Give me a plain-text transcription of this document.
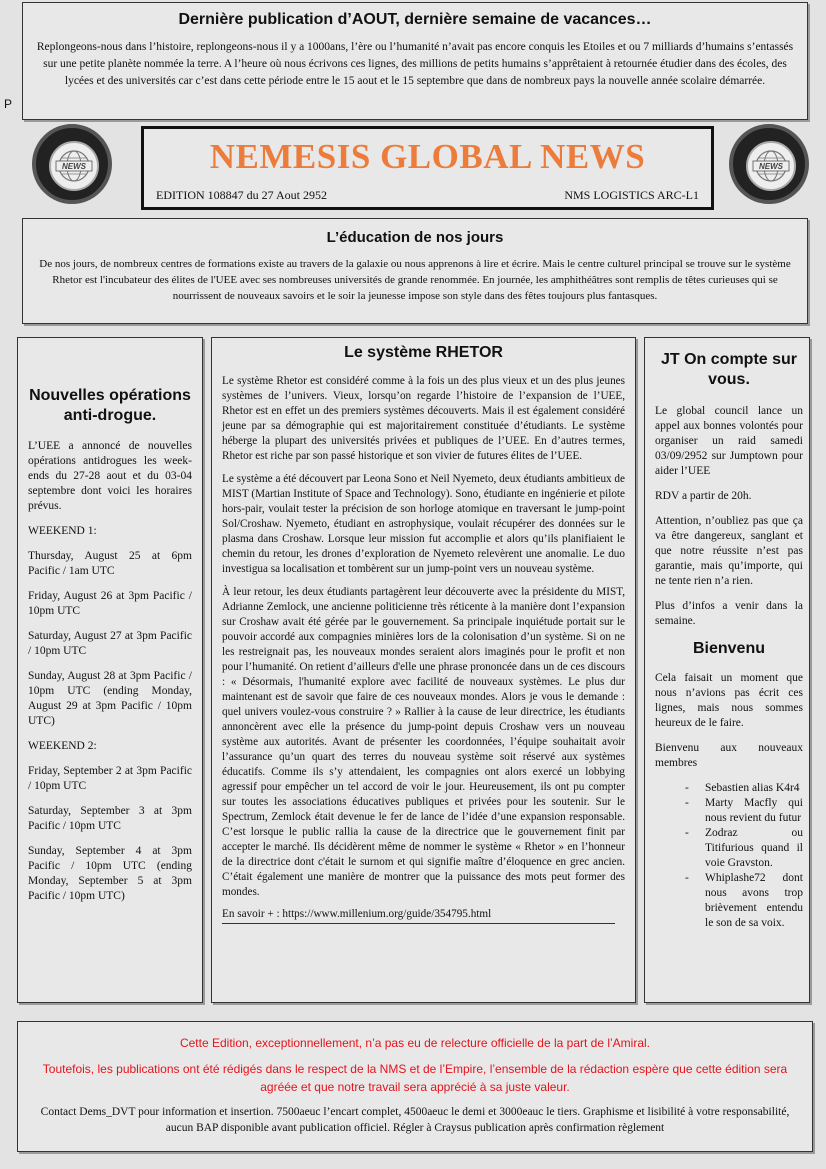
Dernière publication d’AOUT, dernière semaine de vacances…

Replongeons-nous dans l’histoire, replongeons-nous il y a 1000ans, l’ère ou l’humanité n’avait pas encore conquis les Etoiles et ou 7 milliards d’humains s’entassés sur une petite planète nommée la terre. A l’heure où nous écrivons ces lignes, des millions de petits humains s’apprêtaient à retournée étudier dans des écoles, des lycées et des universités car c’est dans cette période entre le 15 aout et le 15 septembre que dans de nombreux pays la nouvelle année scolaire démarrée.

P
NEWS	NEWS
NEMESIS GLOBAL NEWS
EDITION 108847 du 27 Aout 2952	NMS LOGISTICS ARC-L1

L’éducation de nos jours

De nos jours, de nombreux centres de formations existe au travers de la galaxie ou nous apprenons à lire et écrire. Mais le centre culturel principal se trouve sur le système Rhetor est l'incubateur des élites de l'UEE avec ses nombreuses universités de grande renommée. En journée, les amphithéâtres sont remplis de têtes curieuses qui se nourrissent de nouveaux savoirs et le soir la jeunesse impose son style dans des fêtes toujours plus fantasques.

Nouvelles opérations anti-drogue.

L’UEE a annoncé de nouvelles opérations antidrogues les week-ends du 27-28 aout et du 03-04 septembre dont voici les horaires prévus.

WEEKEND 1:

Thursday, August 25 at 6pm Pacific / 1am UTC

Friday, August 26 at 3pm Pacific / 10pm UTC

Saturday, August 27 at 3pm Pacific / 10pm UTC

Sunday, August 28 at 3pm Pacific / 10pm UTC (ending Monday, August 29 at 3pm Pacific / 10pm UTC)

WEEKEND 2:

Friday, September 2 at 3pm Pacific / 10pm UTC

Saturday, September 3 at 3pm Pacific / 10pm UTC

Sunday, September 4 at 3pm Pacific / 10pm UTC (ending Monday, September 5 at 3pm Pacific / 10pm UTC)

Le système RHETOR

Le système Rhetor est considéré comme à la fois un des plus vieux et un des plus jeunes systèmes de l’univers. Vieux, lorsqu’on regarde l’histoire de l’expansion de l’UEE, Rhetor est en effet un des premiers systèmes découverts. Mais il est également considéré jeune par sa démographie qui est majoritairement constituée d’étudiants. Le système héberge la plupart des universités privées et publiques de l’UEE. En d’autres termes, Rhetor est riche par son passé historique et son vivier de futures élites de l’UEE.

Le système a été découvert par Leona Sono et Neil Nyemeto, deux étudiants ambitieux de MIST (Martian Institute of Space and Technology). Sono, étudiante en ingénierie et pilote hors-pair, voulait tester la précision de son horloge atomique en traversant le jump-point Sol/Croshaw. Nyemeto, étudiant en astrophysique, voulait récupérer des données sur le plasma dans Croshaw. Lorsque leur mission fut accomplie et alors qu’ils planifiaient le chemin du retour, les drones d’exploration de Nyemeto relevèrent une anomalie. Le duo investigua sa localisation et tombèrent sur un jump-point vers un nouveau système.

À leur retour, les deux étudiants partagèrent leur découverte avec la présidente du MIST, Adrianne Zemlock, une ancienne politicienne très réticente à la manière dont l’expansion sur Croshaw avait été gérée par le gouvernement. Sa principale inquiétude portait sur le pouvoir accordé aux compagnies minières lors de la colonisation d’un système. Si on ne les restreignait pas, les nouveaux mondes seraient alors imaginés pour le profit et non pour l’humanité. On retient d’ailleurs d'elle une phrase prononcée dans un de ces discours : « Désormais, l'humanité explore avec facilité de nouveaux systèmes. Le plus dur maintenant est de savoir que faire de ces nouveaux mondes. Alors je vous le demande : quel univers voulez-vous construire ? » Rallier à la cause de leur directrice, les étudiants annoncèrent avec elle la présence du jump-point depuis Croshaw vers un nouveau système aux autorités. Avant de présenter les coordonnées, l’équipe souhaitait avoir l’assurance qu’un quart des terres du nouveau système soit réservé aux systèmes éducatifs. Comme ils s’y attendaient, les compagnies ont alors exercé un lobbying agressif pour empêcher un tel accord de voir le jour. Heureusement, ils ont pu compter sur toutes les associations éducatives publiques et privées pour les soutenir. Sur le Spectrum, Zemlock était devenue le fer de lance de l’idée d’une expansion responsable. C’est lorsque le public rallia la cause de la directrice que le gouvernement finit par accepter le marché. Ils décidèrent même de nommer le système « Rhetor » en l’honneur de la directrice dont c'était le surnom et qui signifie maître d’éloquence en grec ancien. C’était également une manière de montrer que la puissance des mots peut former des mondes.

En savoir + : https://www.millenium.org/guide/354795.html

JT On compte sur vous.

Le global council lance un appel aux bonnes volontés pour organiser un raid samedi 03/09/2952 sur Jumptown pour aider l’UEE

RDV a partir de 20h.

Attention, n’oubliez pas que ça va être dangereux, sanglant et que notre réussite n’est pas garantie, mais qu’importe, qui ne tente rien n’a rien.

Plus d’infos a venir dans la semaine.

Bienvenu

Cela faisait un moment que nous n’avions pas écrit ces lignes, mais nous sommes heureux de le faire.

Bienvenu aux nouveaux membres

- Sebastien alias K4r4
- Marty Macfly qui nous revient du futur
- Zodraz ou Titifurious quand il voie Gravston.
- Whiplashe72 dont nous avons trop brièvement entendu le son de sa voix.

Cette Edition, exceptionnellement, n’a pas eu de relecture officielle de la part de l’Amiral.

Toutefois, les publications ont été rédigés dans le respect de la NMS et de l’Empire, l’ensemble de la rédaction espère que cette édition sera agréée et que notre travail sera apprécié à sa juste valeur.

Contact Dems_DVT pour information et insertion. 7500aeuc l’encart complet, 4500aeuc le demi et 3000eauc le tiers. Graphisme et lisibilité à votre responsabilité, aucun BAP disponible avant publication officiel. Régler à Craysus publication après confirmation règlement
